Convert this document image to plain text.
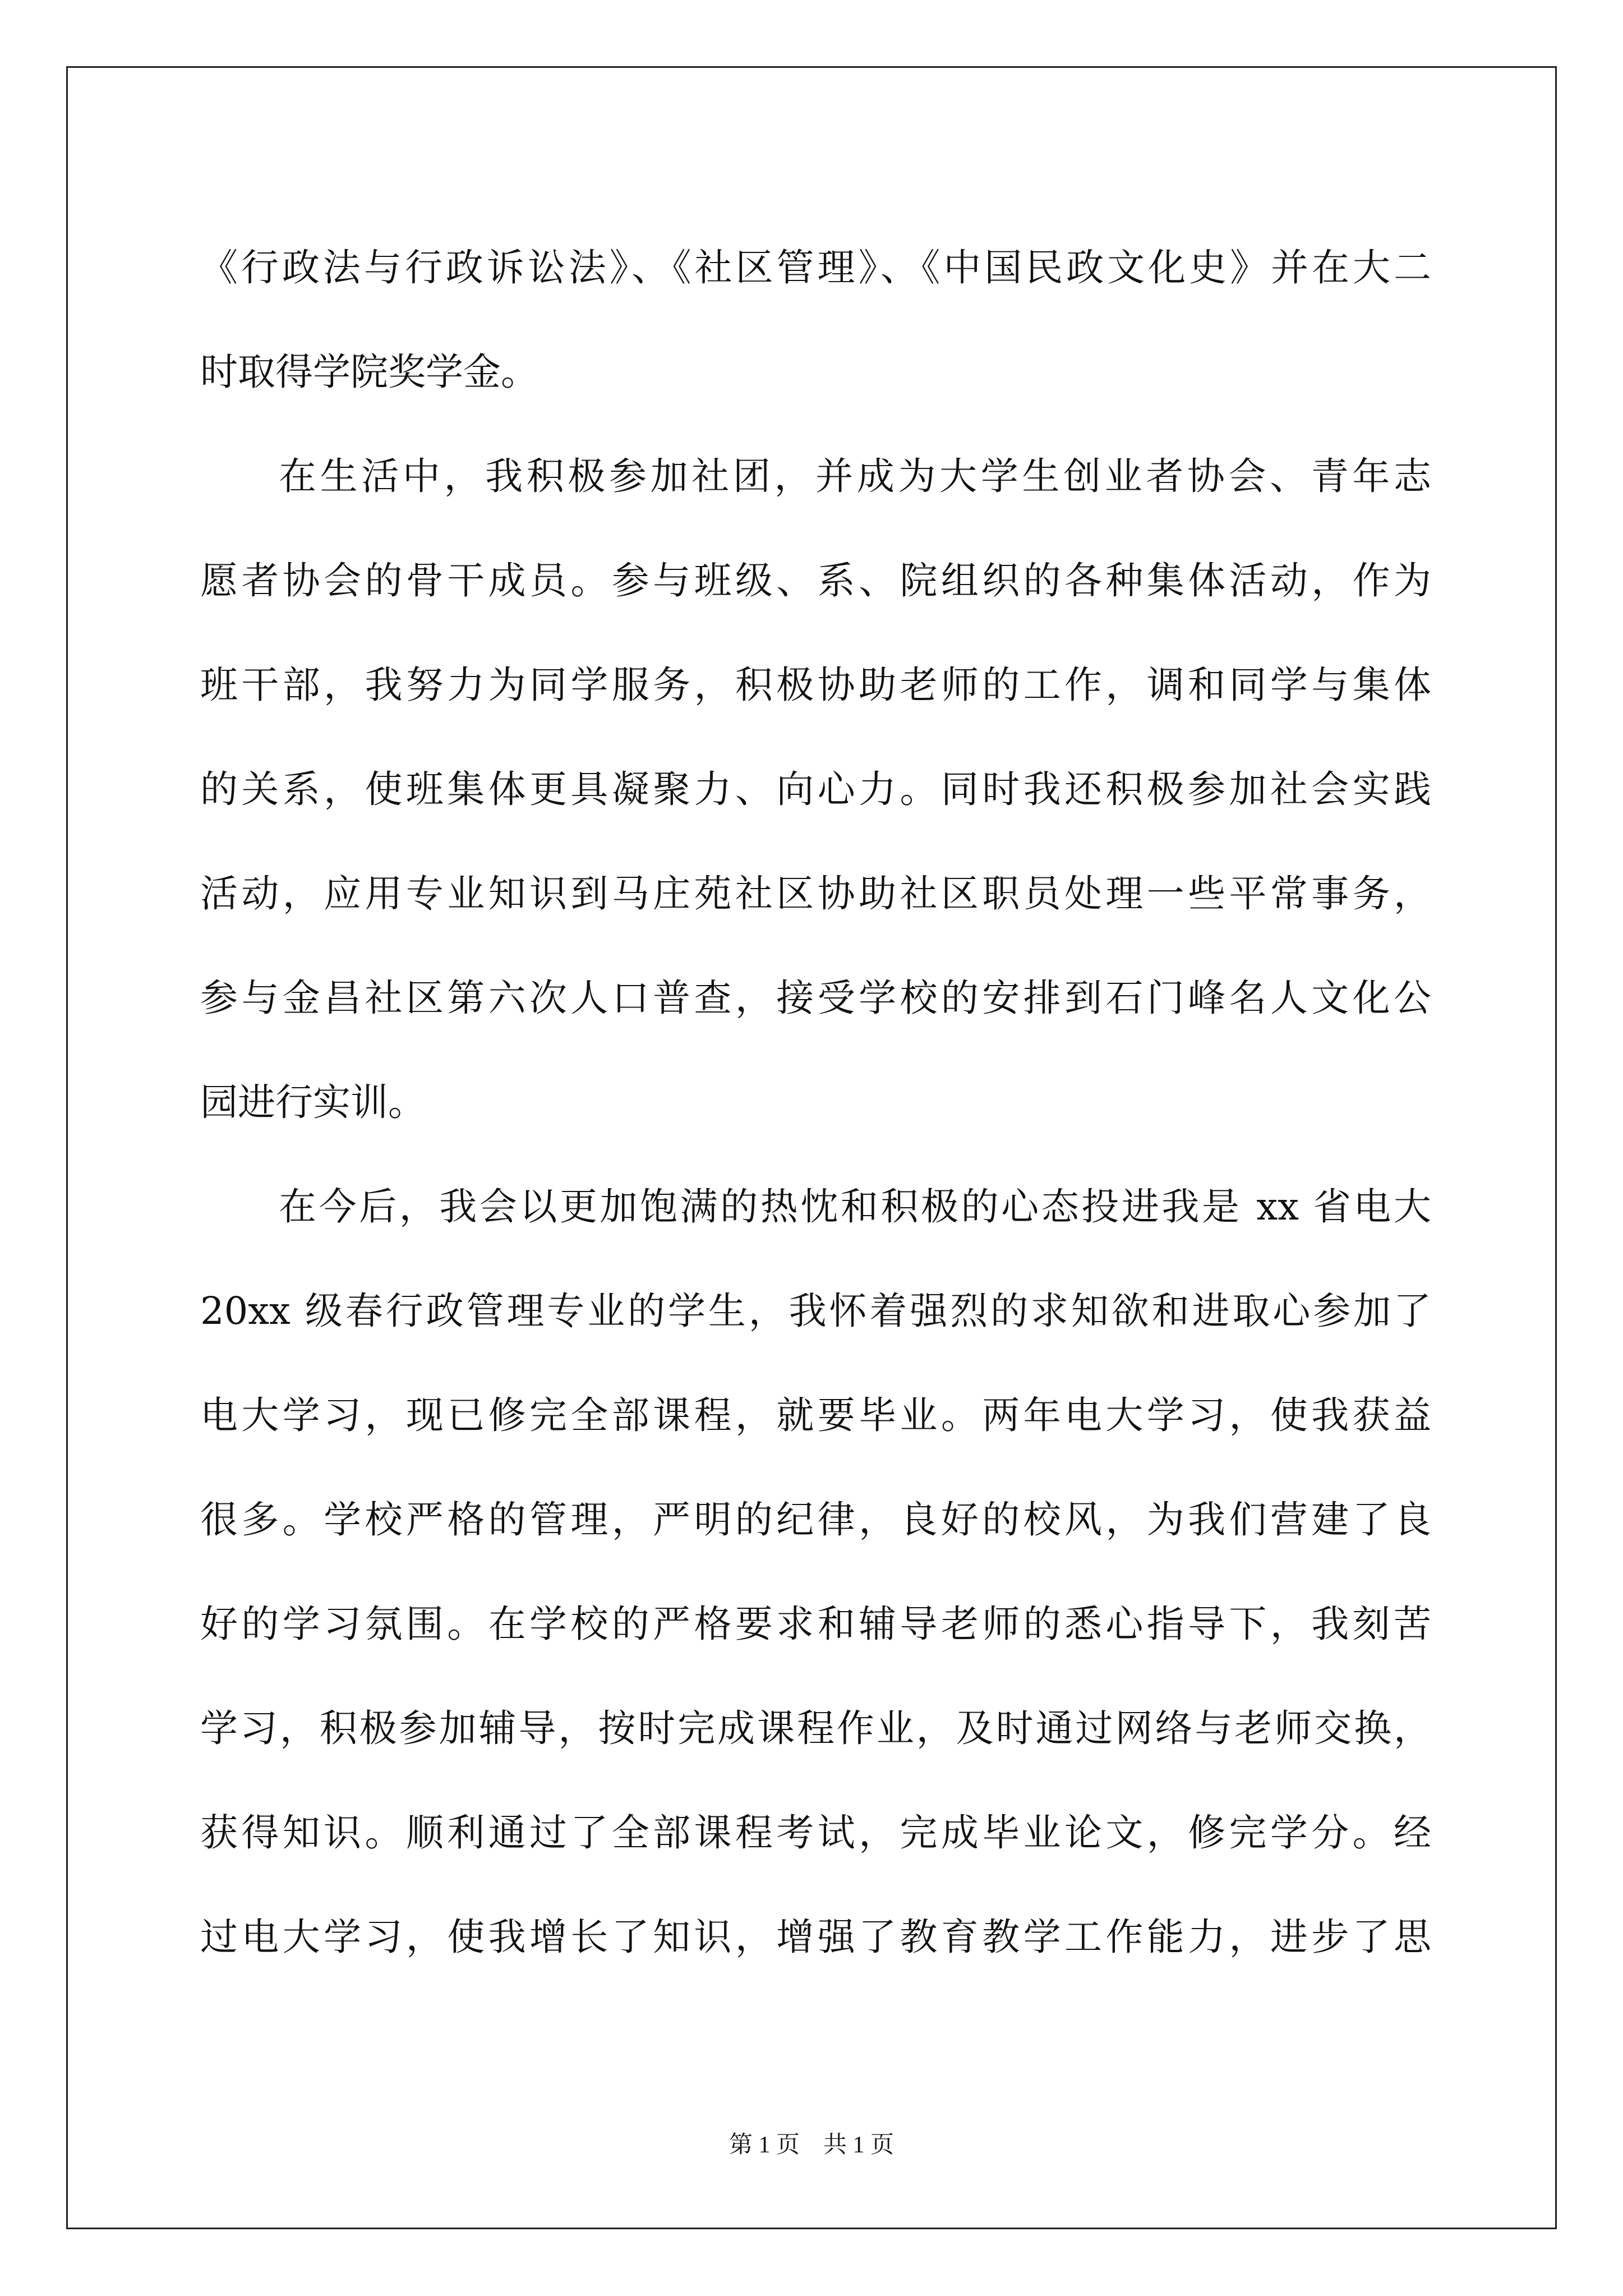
《行政法与行政诉讼法》、《社区管理》、《中国民政文化史》并在大二
时取得学院奖学金。
在生活中，我积极参加社团，并成为大学生创业者协会、青年志
愿者协会的骨干成员。参与班级、系、院组织的各种集体活动，作为
班干部，我努力为同学服务，积极协助老师的工作，调和同学与集体
的关系，使班集体更具凝聚力、向心力。同时我还积极参加社会实践
活动，应用专业知识到马庄苑社区协助社区职员处理一些平常事务，
参与金昌社区第六次人口普查，接受学校的安排到石门峰名人文化公
园进行实训。
在今后，我会以更加饱满的热忱和积极的心态投进我是 xx 省电大
20xx 级春行政管理专业的学生，我怀着强烈的求知欲和进取心参加了
电大学习，现已修完全部课程，就要毕业。两年电大学习，使我获益
很多。学校严格的管理，严明的纪律，良好的校风，为我们营建了良
好的学习氛围。在学校的严格要求和辅导老师的悉心指导下，我刻苦
学习，积极参加辅导，按时完成课程作业，及时通过网络与老师交换，
获得知识。顺利通过了全部课程考试，完成毕业论文，修完学分。经
过电大学习，使我增长了知识，增强了教育教学工作能力，进步了思
第 1 页　共 1 页
